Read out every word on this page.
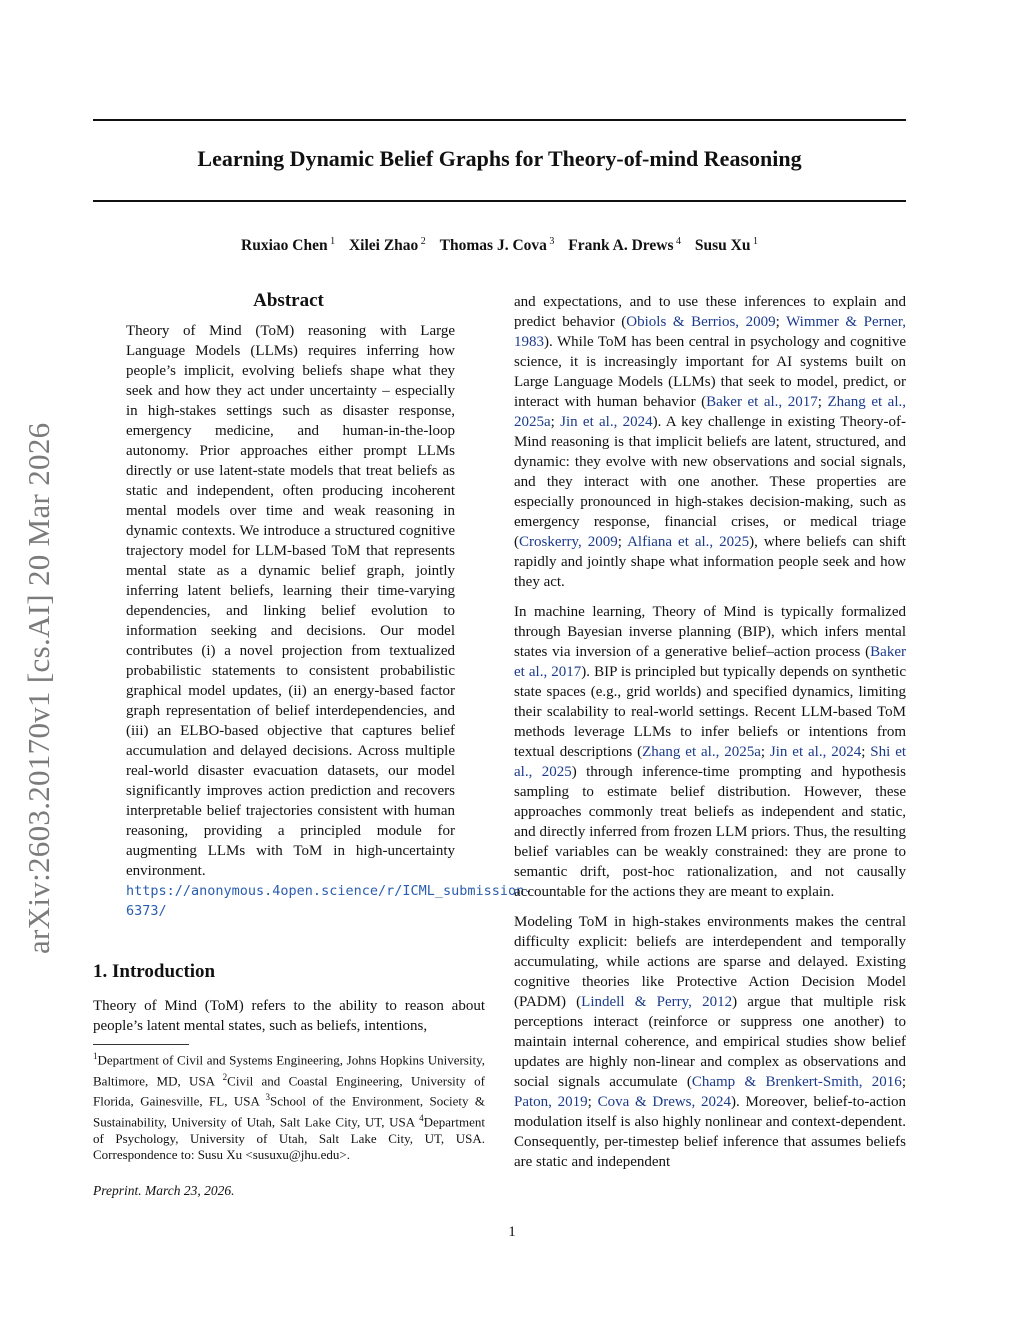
Learning Dynamic Belief Graphs for Theory-of-mind Reasoning
Ruxiao Chen $^1$ Xilei Zhao $^2$ Thomas J. Cova $^3$ Frank A. Drews $^4$ Susu Xu $^1$
arXiv:2603.20170v1 [cs.AI] 20 Mar 2026
Abstract
Theory of Mind (ToM) reasoning with Large Language Models (LLMs) requires inferring how people’s implicit, evolving beliefs shape what they seek and how they act under uncertainty – especially in high-stakes settings such as disaster response, emergency medicine, and human-in-the-loop autonomy. Prior approaches either prompt LLMs directly or use latent-state models that treat beliefs as static and independent, often producing incoherent mental models over time and weak reasoning in dynamic contexts. We introduce a structured cognitive trajectory model for LLM-based ToM that represents mental state as a dynamic belief graph, jointly inferring latent beliefs, learning their time-varying dependencies, and linking belief evolution to information seeking and decisions. Our model contributes (i) a novel projection from textualized probabilistic statements to consistent probabilistic graphical model updates, (ii) an energy-based factor graph representation of belief interdependencies, and (iii) an ELBO-based objective that captures belief accumulation and delayed decisions. Across multiple real-world disaster evacuation datasets, our model significantly improves action prediction and recovers interpretable belief trajectories consistent with human reasoning, providing a principled module for augmenting LLMs with ToM in high-uncertainty environment. https://anonymous.4open.science/r/ICML_submission-6373/
1. Introduction
Theory of Mind (ToM) refers to the ability to reason about people’s latent mental states, such as beliefs, intentions,
$^1$Department of Civil and Systems Engineering, Johns Hopkins University, Baltimore, MD, USA $^2$Civil and Coastal Engineering, University of Florida, Gainesville, FL, USA $^3$School of the Environment, Society & Sustainability, University of Utah, Salt Lake City, UT, USA $^4$Department of Psychology, University of Utah, Salt Lake City, UT, USA. Correspondence to: Susu Xu <susuxu@jhu.edu>.
Preprint. March 23, 2026.

and expectations, and to use these inferences to explain and predict behavior (Obiols & Berrios, 2009; Wimmer & Perner, 1983). While ToM has been central in psychology and cognitive science, it is increasingly important for AI systems built on Large Language Models (LLMs) that seek to model, predict, or interact with human behavior (Baker et al., 2017; Zhang et al., 2025a; Jin et al., 2024). A key challenge in existing Theory-of-Mind reasoning is that implicit beliefs are latent, structured, and dynamic: they evolve with new observations and social signals, and they interact with one another. These properties are especially pronounced in high-stakes decision-making, such as emergency response, financial crises, or medical triage (Croskerry, 2009; Alfiana et al., 2025), where beliefs can shift rapidly and jointly shape what information people seek and how they act.

In machine learning, Theory of Mind is typically formalized through Bayesian inverse planning (BIP), which infers mental states via inversion of a generative belief–action process (Baker et al., 2017). BIP is principled but typically depends on synthetic state spaces (e.g., grid worlds) and specified dynamics, limiting their scalability to real-world settings. Recent LLM-based ToM methods leverage LLMs to infer beliefs or intentions from textual descriptions (Zhang et al., 2025a; Jin et al., 2024; Shi et al., 2025) through inference-time prompting and hypothesis sampling to estimate belief distribution. However, these approaches commonly treat beliefs as independent and static, and directly inferred from frozen LLM priors. Thus, the resulting belief variables can be weakly constrained: they are prone to semantic drift, post-hoc rationalization, and not causally accountable for the actions they are meant to explain.

Modeling ToM in high-stakes environments makes the central difficulty explicit: beliefs are interdependent and temporally accumulating, while actions are sparse and delayed. Existing cognitive theories like Protective Action Decision Model (PADM) (Lindell & Perry, 2012) argue that multiple risk perceptions interact (reinforce or suppress one another) to maintain internal coherence, and empirical studies show belief updates are highly non-linear and complex as observations and social signals accumulate (Champ & Brenkert-Smith, 2016; Paton, 2019; Cova & Drews, 2024). Moreover, belief-to-action modulation itself is also highly nonlinear and context-dependent. Consequently, per-timestep belief inference that assumes beliefs are static and independent

1
